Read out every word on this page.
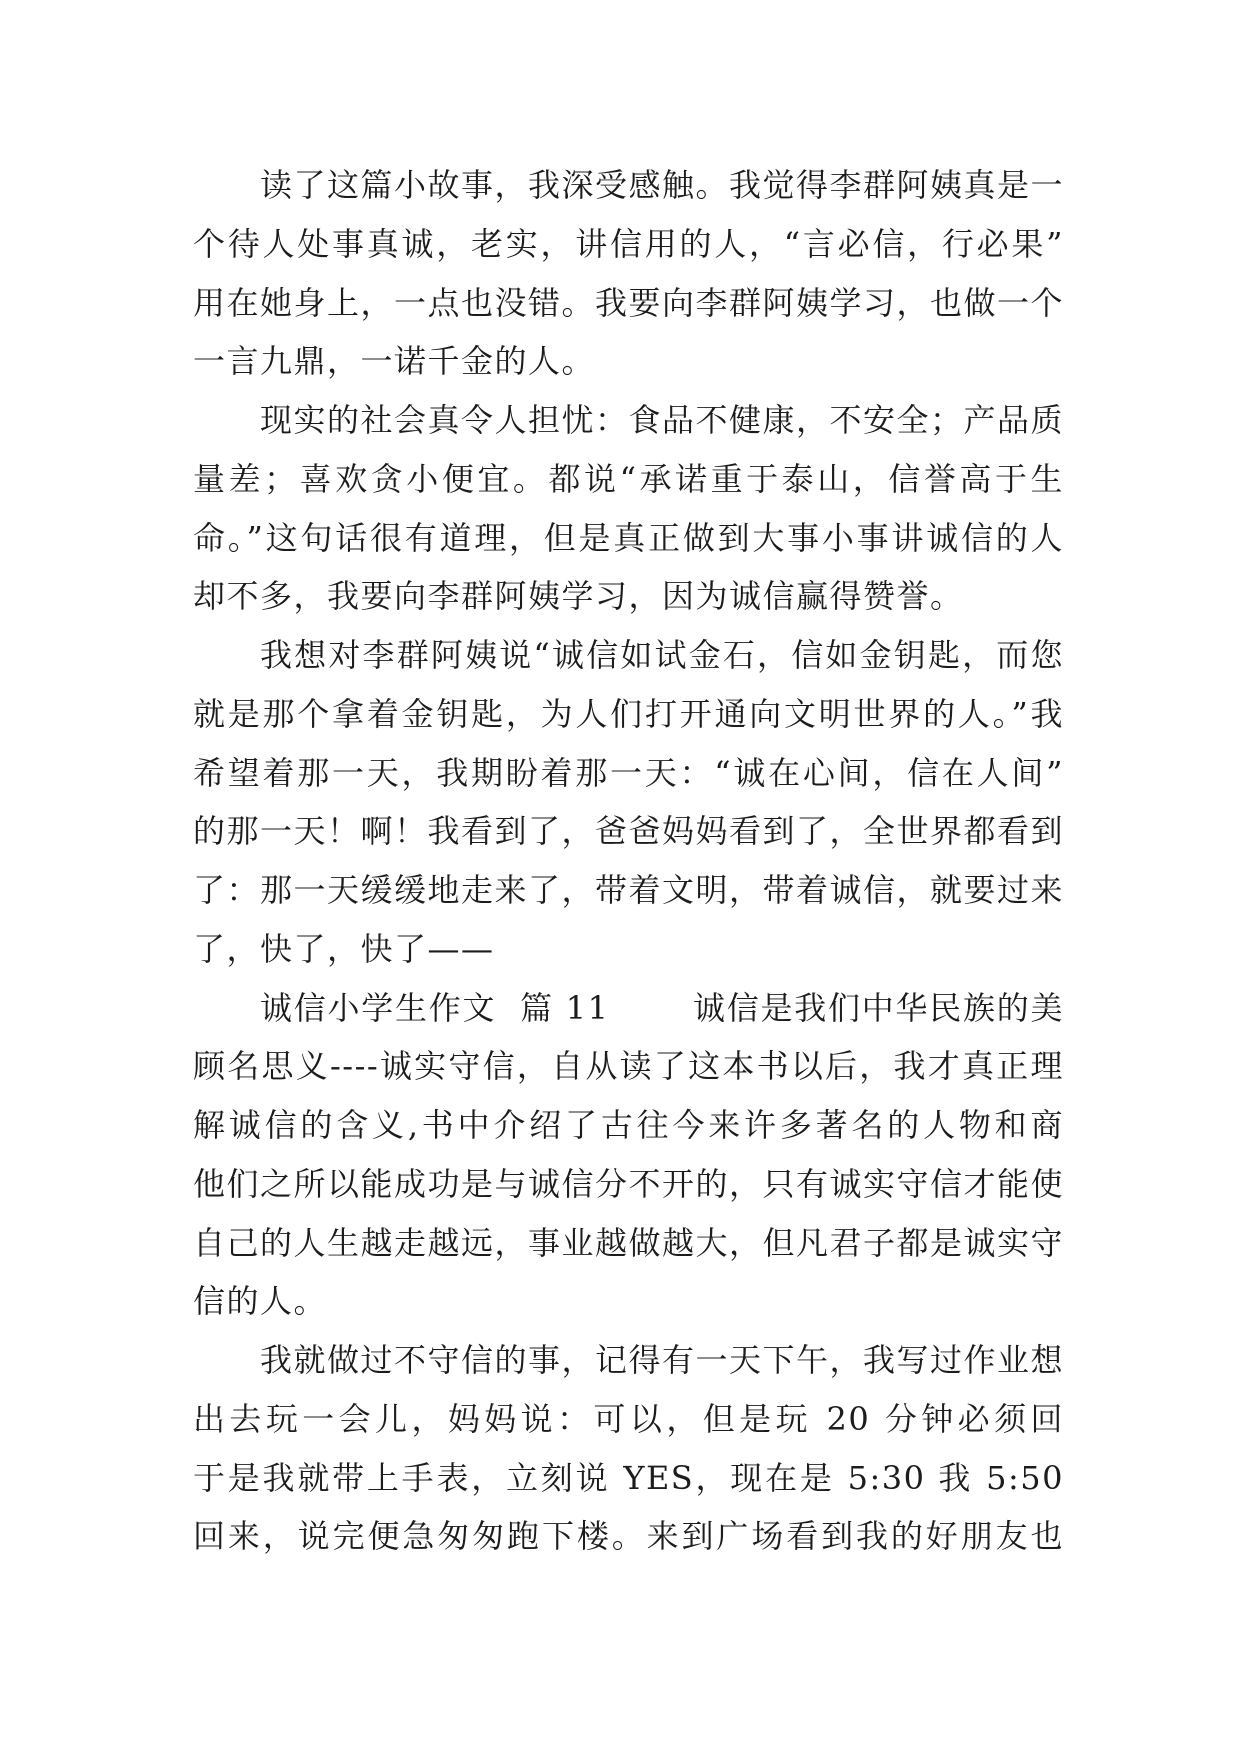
读了这篇小故事，我深受感触。我觉得李群阿姨真是一
个待人处事真诚，老实，讲信用的人，“言必信，行必果”
用在她身上，一点也没错。我要向李群阿姨学习，也做一个
一言九鼎，一诺千金的人。
现实的社会真令人担忧：食品不健康，不安全；产品质
量差；喜欢贪小便宜。都说“承诺重于泰山，信誉高于生
命。”这句话很有道理，但是真正做到大事小事讲诚信的人
却不多，我要向李群阿姨学习，因为诚信赢得赞誉。
我想对李群阿姨说“诚信如试金石，信如金钥匙，而您
就是那个拿着金钥匙，为人们打开通向文明世界的人。”我
希望着那一天，我期盼着那一天：“诚在心间，信在人间”
的那一天！啊！我看到了，爸爸妈妈看到了，全世界都看到
了：那一天缓缓地走来了，带着文明，带着诚信，就要过来
了，快了，快了——
诚信小学生作文  篇 11       诚信是我们中华民族的美
顾名思义----诚实守信，自从读了这本书以后，我才真正理
解诚信的含义,书中介绍了古往今来许多著名的人物和商
他们之所以能成功是与诚信分不开的，只有诚实守信才能使
自己的人生越走越远，事业越做越大，但凡君子都是诚实守
信的人。
我就做过不守信的事，记得有一天下午，我写过作业想
出去玩一会儿，妈妈说：可以，但是玩 20 分钟必须回
于是我就带上手表，立刻说 YES，现在是 5:30 我 5:50
回来，说完便急匆匆跑下楼。来到广场看到我的好朋友也
